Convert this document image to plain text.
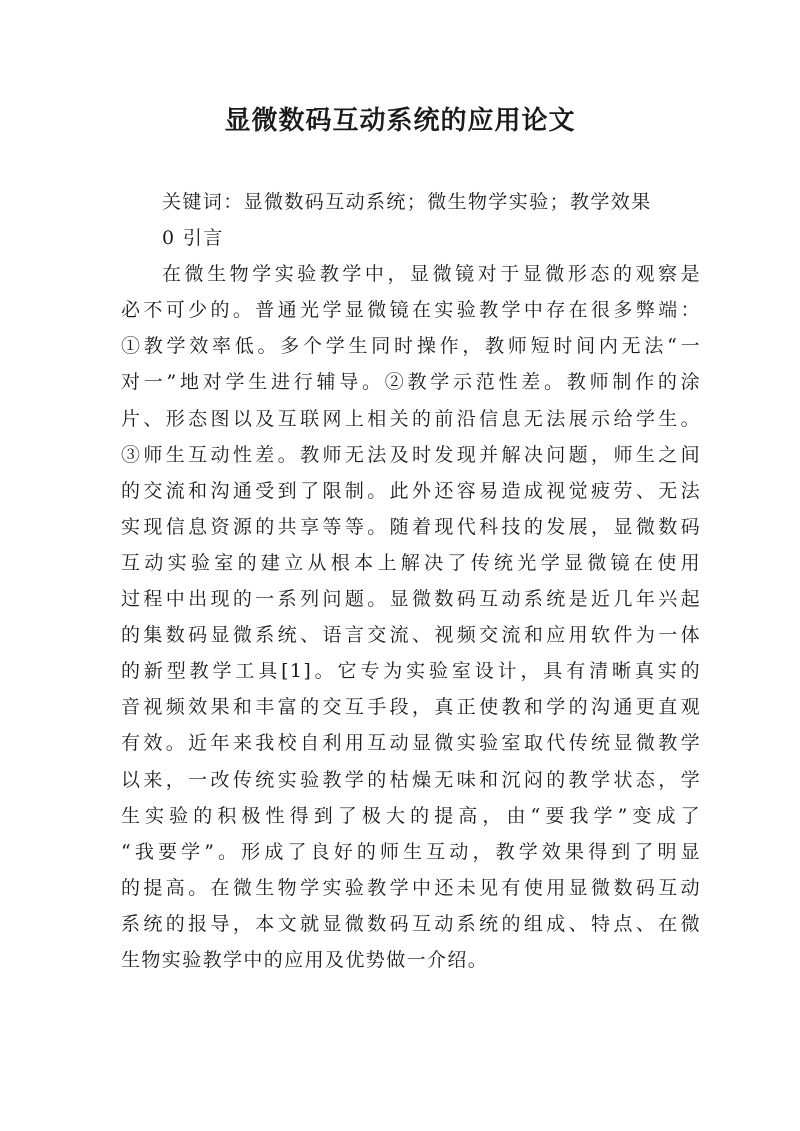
显微数码互动系统的应用论文

关键词：显微数码互动系统；微生物学实验；教学效果

0 引言

在微生物学实验教学中，显微镜对于显微形态的观察是

必不可少的。普通光学显微镜在实验教学中存在很多弊端：

①教学效率低。多个学生同时操作，教师短时间内无法“一

对一”地对学生进行辅导。②教学示范性差。教师制作的涂

片、形态图以及互联网上相关的前沿信息无法展示给学生。

③师生互动性差。教师无法及时发现并解决问题，师生之间

的交流和沟通受到了限制。此外还容易造成视觉疲劳、无法

实现信息资源的共享等等。随着现代科技的发展，显微数码

互动实验室的建立从根本上解决了传统光学显微镜在使用

过程中出现的一系列问题。显微数码互动系统是近几年兴起

的集数码显微系统、语言交流、视频交流和应用软件为一体

的新型教学工具[1]。它专为实验室设计，具有清晰真实的

音视频效果和丰富的交互手段，真正使教和学的沟通更直观

有效。近年来我校自利用互动显微实验室取代传统显微教学

以来，一改传统实验教学的枯燥无味和沉闷的教学状态，学

生实验的积极性得到了极大的提高，由“要我学”变成了

“我要学”。形成了良好的师生互动，教学效果得到了明显

的提高。在微生物学实验教学中还未见有使用显微数码互动

系统的报导，本文就显微数码互动系统的组成、特点、在微

生物实验教学中的应用及优势做一介绍。
